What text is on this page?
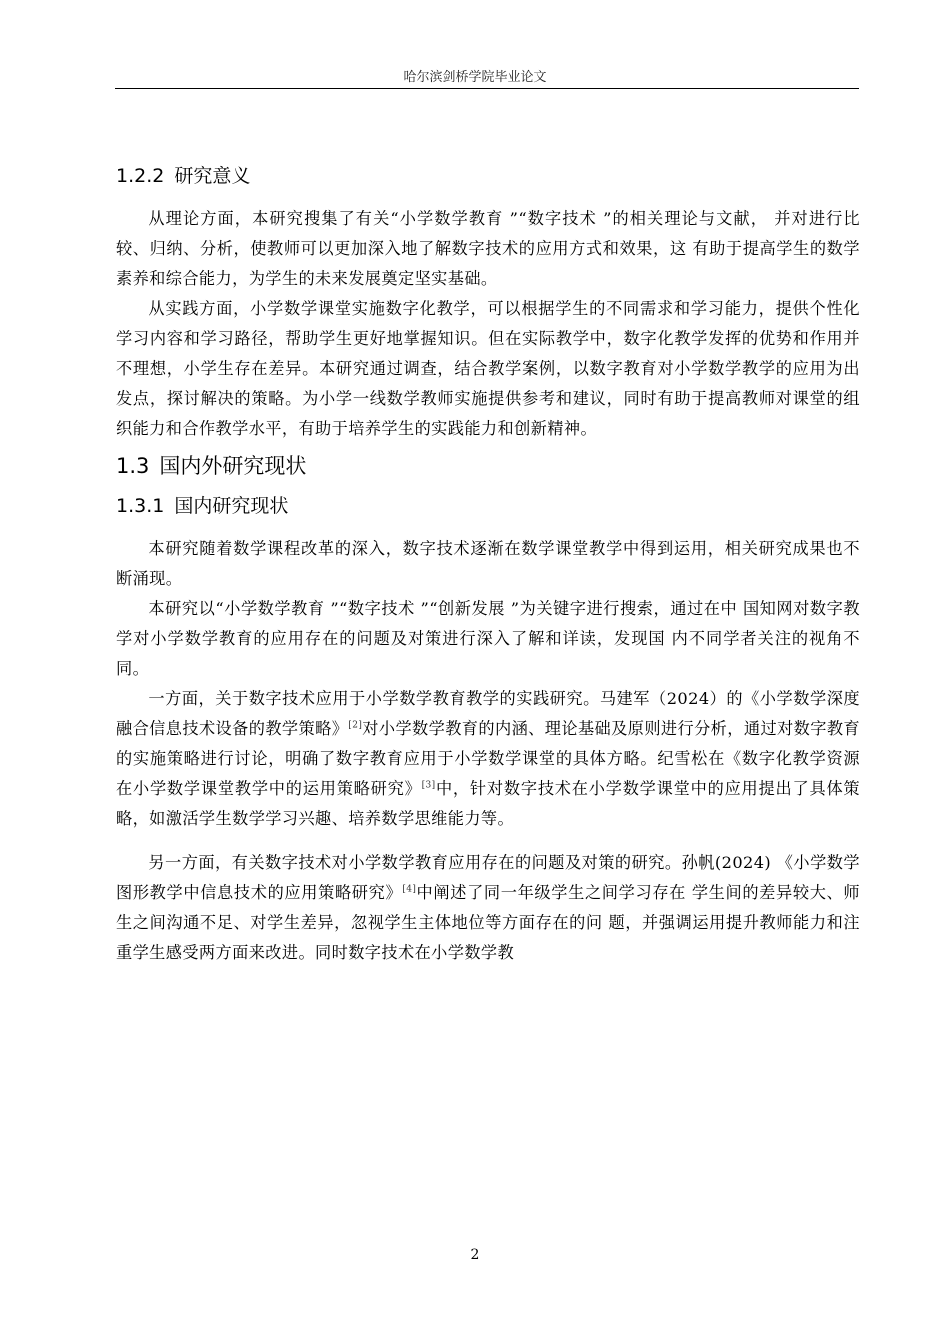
哈尔滨剑桥学院毕业论文
1.2.2 研究意义

从理论方面，本研究搜集了有关“小学数学教育 ”“数字技术 ”的相关理论与文献， 并对进行比较、归纳、分析，使教师可以更加深入地了解数字技术的应用方式和效果，这 有助于提高学生的数学素养和综合能力，为学生的未来发展奠定坚实基础。

从实践方面，小学数学课堂实施数字化教学，可以根据学生的不同需求和学习能力，提供个性化学习内容和学习路径，帮助学生更好地掌握知识。但在实际教学中，数字化教学发挥的优势和作用并不理想，小学生存在差异。本研究通过调查，结合教学案例，以数字教育对小学数学教学的应用为出发点，探讨解决的策略。为小学一线数学教师实施提供参考和建议，同时有助于提高教师对课堂的组织能力和合作教学水平，有助于培养学生的实践能力和创新精神。

1.3 国内外研究现状
1.3.1 国内研究现状

本研究随着数学课程改革的深入，数字技术逐渐在数学课堂教学中得到运用，相关研究成果也不断涌现。

本研究以“小学数学教育 ”“数字技术 ”“创新发展 ”为关键字进行搜索，通过在中 国知网对数字教学对小学数学教育的应用存在的问题及对策进行深入了解和详读，发现国 内不同学者关注的视角不同。

一方面，关于数字技术应用于小学数学教育教学的实践研究。马建军（2024）的《小学数学深度融合信息技术设备的教学策略》[2]对小学数学教育的内涵、理论基础及原则进行分析，通过对数字教育的实施策略进行讨论，明确了数字教育应用于小学数学课堂的具体方略。纪雪松在《数字化教学资源在小学数学课堂教学中的运用策略研究》[3]中，针对数字技术在小学数学课堂中的应用提出了具体策略，如激活学生数学学习兴趣、培养数学思维能力等。

另一方面，有关数字技术对小学数学教育应用存在的问题及对策的研究。孙帆(2024) 《小学数学图形教学中信息技术的应用策略研究》[4]中阐述了同一年级学生之间学习存在 学生间的差异较大、师生之间沟通不足、对学生差异，忽视学生主体地位等方面存在的问 题，并强调运用提升教师能力和注重学生感受两方面来改进。同时数字技术在小学数学教

2
